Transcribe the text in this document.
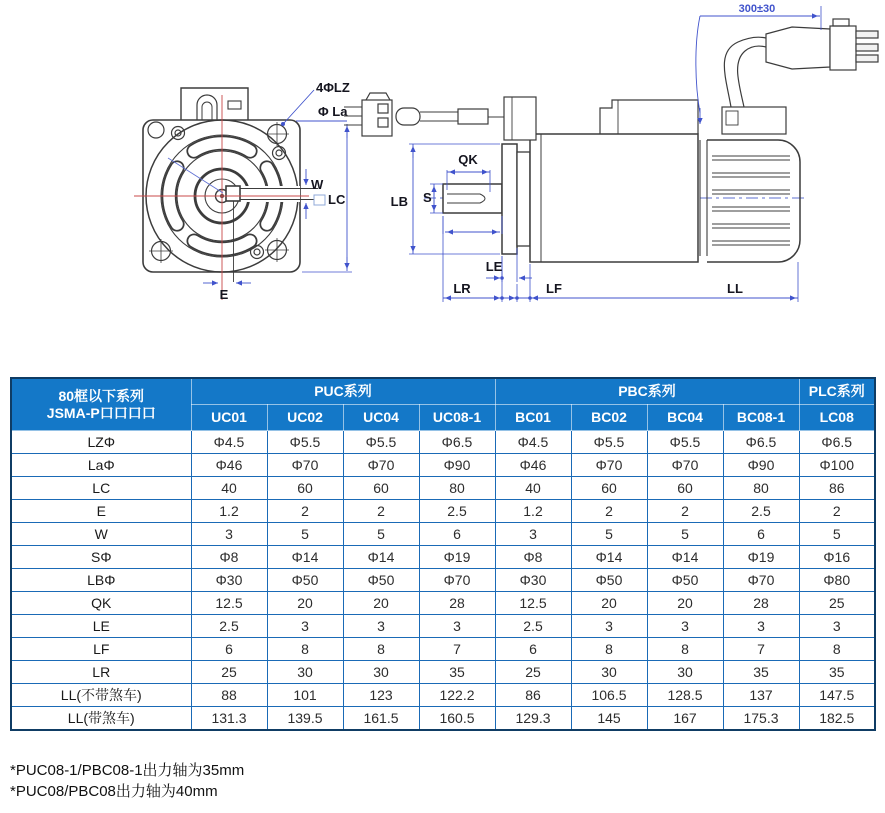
4ΦLZ
Φ La
W
LC
E
QK
LB S
LE
LR	LF	LL
300±30
80框以下系列
JSMA-P口口口口	PUC系列				PBC系列				PLC系列
	UC01	UC02	UC04	UC08-1	BC01	BC02	BC04	BC08-1	LC08
LZΦ	Φ4.5	Φ5.5	Φ5.5	Φ6.5	Φ4.5	Φ5.5	Φ5.5	Φ6.5	Φ6.5
LaΦ	Φ46	Φ70	Φ70	Φ90	Φ46	Φ70	Φ70	Φ90	Φ100
LC	40	60	60	80	40	60	60	80	86
E	1.2	2	2	2.5	1.2	2	2	2.5	2
W	3	5	5	6	3	5	5	6	5
SΦ	Φ8	Φ14	Φ14	Φ19	Φ8	Φ14	Φ14	Φ19	Φ16
LBΦ	Φ30	Φ50	Φ50	Φ70	Φ30	Φ50	Φ50	Φ70	Φ80
QK	12.5	20	20	28	12.5	20	20	28	25
LE	2.5	3	3	3	2.5	3	3	3	3
LF	6	8	8	7	6	8	8	7	8
LR	25	30	30	35	25	30	30	35	35
LL(不带煞车)	88	101	123	122.2	86	106.5	128.5	137	147.5
LL(带煞车)	131.3	139.5	161.5	160.5	129.3	145	167	175.3	182.5
*PUC08-1/PBC08-1出力轴为35mm
*PUC08/PBC08出力轴为40mm
